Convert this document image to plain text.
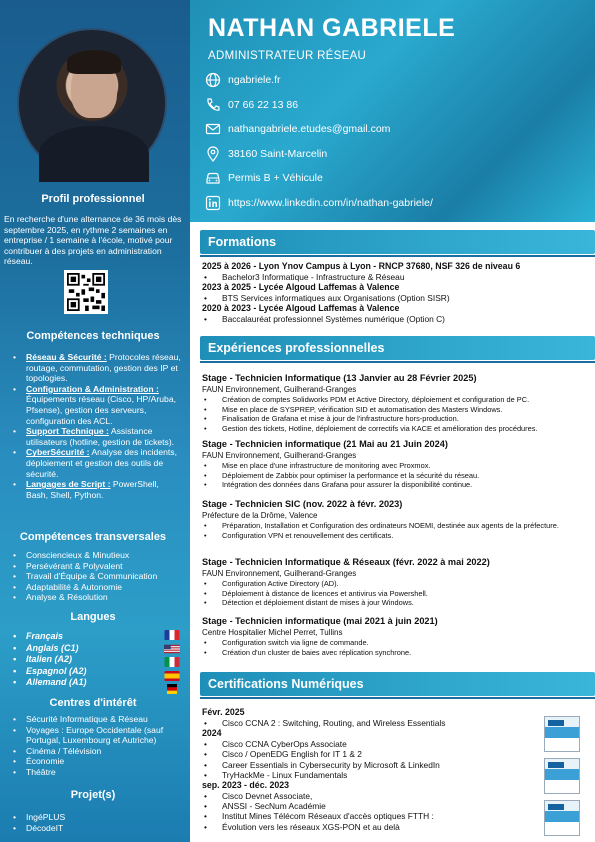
Profil professionnel
En recherche d'une alternance de 36 mois dès septembre 2025, en rythme 2 semaines en entreprise / 1 semaine à l'école, motivé pour contribuer à des projets en administration réseau.
Compétences techniques
• Réseau & Sécurité : Protocoles réseau, routage, commutation, gestion des IP et topologies.
• Configuration & Administration : Équipements réseau (Cisco, HP/Aruba, Pfsense), gestion des serveurs, configuration des ACL.
• Support Technique : Assistance utilisateurs (hotline, gestion de tickets).
• CyberSécurité : Analyse des incidents, déploiement et gestion des outils de sécurité.
• Langages de Script : PowerShell, Bash, Shell, Python.
Compétences transversales
• Consciencieux & Minutieux
• Persévérant & Polyvalent
• Travail d'Équipe & Communication
• Adaptabilité & Autonomie
• Analyse & Résolution
Langues
• Français
• Anglais (C1)
• Italien (A2)
• Espagnol (A2)
• Allemand (A1)
Centres d'intérêt
• Sécurité Informatique & Réseau
• Voyages : Europe Occidentale (sauf Portugal, Luxembourg et Autriche)
• Cinéma / Télévision
• Économie
• Théâtre
Projet(s)
• IngéPLUS
• DécodeIT
NATHAN GABRIELE
ADMINISTRATEUR RÉSEAU
ngabriele.fr
07 66 22 13 86
nathangabriele.etudes@gmail.com
38160 Saint-Marcelin
Permis B + Véhicule
https://www.linkedin.com/in/nathan-gabriele/
Formations
2025 à 2026 - Lyon Ynov Campus à Lyon - RNCP 37680, NSF 326 de niveau 6
• Bachelor3 Informatique - Infrastructure & Réseau
2023 à 2025 - Lycée Algoud Laffemas à Valence
• BTS Services informatiques aux Organisations (Option SISR)
2020 à 2023 - Lycée Algoud Laffemas à Valence
• Baccalauréat professionnel Systèmes numérique (Option C)
Expériences professionnelles
Stage - Technicien Informatique (13 Janvier au 28 Février 2025)
FAUN Environnement, Guilherand-Granges
• Création de comptes Solidworks PDM et Active Directory, déploiement et configuration de PC.
• Mise en place de SYSPREP, vérification SID et automatisation des Masters Windows.
• Finalisation de Grafana et mise à jour de l'infrastructure hors-production.
• Gestion des tickets, Hotline, déploiement de correctifs via KACE et amélioration des procédures.
Stage - Technicien informatique (21 Mai au 21 Juin 2024)
FAUN Environnement, Guilherand-Granges
• Mise en place d'une infrastructure de monitoring avec Proxmox.
• Déploiement de Zabbix pour optimiser la performance et la sécurité du réseau.
• Intégration des données dans Grafana pour assurer la disponibilité continue.
Stage - Technicien SIC (nov. 2022 à févr. 2023)
Préfecture de la Drôme, Valence
• Préparation, Installation et Configuration des ordinateurs NOEMI, destinée aux agents de la préfecture.
• Configuration VPN et renouvellement des certificats.
Stage - Technicien Informatique & Réseaux (févr. 2022 à mai 2022)
FAUN Environnement, Guilherand-Granges
• Configuration Active Directory (AD).
• Déploiement à distance de licences et antivirus via Powershell.
• Détection et déploiement distant de mises à jour Windows.
Stage - Technicien informatique (mai 2021 à juin 2021)
Centre Hospitalier Michel Perret, Tullins
• Configuration switch via ligne de commande.
• Création d'un cluster de baies avec réplication synchrone.
Certifications Numériques
Févr. 2025
• Cisco CCNA 2 : Switching, Routing, and Wireless Essentials
2024
• Cisco CCNA CyberOps Associate
• Cisco / OpenEDG English for IT 1 & 2
• Career Essentials in Cybersecurity by Microsoft & LinkedIn
• TryHackMe - Linux Fundamentals
sep. 2023 - déc. 2023
• Cisco Devnet Associate,
• ANSSI - SecNum Académie
• Institut Mines Télécom Réseaux d'accès optiques FTTH :
• Évolution vers les réseaux XGS-PON et au delà
